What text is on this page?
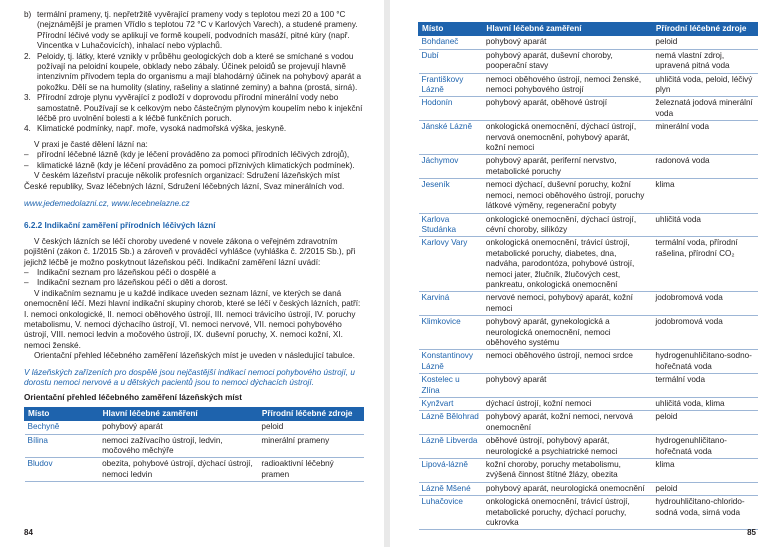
b) termální prameny, tj. nepřetržitě vyvěrající prameny vody s teplotou mezi 20 a 100 °C (nejznámější je pramen Vřídlo s teplotou 72 °C v Karlových Varech), a studené prameny. Přírodní léčivé vody se aplikují ve formě koupelí, podvodních masáží, pitné kúry (např. Vincentka v Luhačovicích), inhalací nebo výplachů.

2. Peloidy, tj. látky, které vznikly v průběhu geologických dob a které se smíchané s vodou požívají na peloidní koupele, obklady nebo zábaly. Účinek peloidů se projevují hlavně intenzivním přívodem tepla do organismu a mají blahodárný účinek na pohybový aparát a pokožku. Dělí se na humolity (slatiny, rašeliny a slatinné zeminy) a bahna (prostá, sirná).

3. Přírodní zdroje plynu vyvěrající z podloží v doprovodu přírodní minerální vody nebo samostatně. Používají se k celkovým nebo částečným plynovým koupelím nebo k injekční léčbě pro uvolnění bolesti a k léčbě funkčních poruch.

4. Klimatické podmínky, např. moře, vysoká nadmořská výška, jeskyně.

V praxi je časté dělení lázní na:

– přírodní léčebné lázně (kdy je léčení prováděno za pomoci přírodních léčivých zdrojů),

– klimatické lázně (kdy je léčení prováděno za pomoci příznivých klimatických podmínek).

V českém lázeňství pracuje několik profesních organizací: Sdružení lázeňských míst České republiky, Svaz léčebných lázní, Sdružení léčebných lázní, Svaz minerálních vod.

www.jedemedolazni.cz, www.lecebnelazne.cz

6.2.2 Indikační zaměření přírodních léčivých lázní

V českých lázních se léčí choroby uvedené v novele zákona o veřejném zdravotním pojištění (zákon č. 1/2015 Sb.) a zároveň v prováděcí vyhlášce (vyhláška č. 2/2015 Sb.), při jejichž léčbě je možno poskytnout lázeňskou péči. Indikační zaměření lázní uvádí:

– Indikační seznam pro lázeňskou péči o dospělé a

– Indikační seznam pro lázeňskou péči o děti a dorost.

V indikačním seznamu je u každé indikace uveden seznam lázní, ve kterých se daná onemocnění léčí. Mezi hlavní indikační skupiny chorob, které se léčí v českých lázních, patří:

I. nemoci onkologické, II. nemoci oběhového ústrojí, III. nemoci trávicího ústrojí, IV. poruchy metabolismu, V. nemoci dýchacího ústrojí, VI. nemoci nervové, VII. nemoci pohybového ústrojí, VIII. nemoci ledvin a močového ústrojí, IX. duševní poruchy, X. nemoci kožní, XI. nemoci ženské.

Orientační přehled léčebného zaměření lázeňských míst je uveden v následující tabulce.

V lázeňských zařízeních pro dospělé jsou nejčastější indikací nemoci pohybového ústrojí, u dorostu nemoci nervové a u dětských pacientů jsou to nemoci dýchacích ústrojí.

Orientační přehled léčebného zaměření lázeňských míst

Místo	Hlavní léčebné zaměření	Přírodní léčebné zdroje
Bechyně	pohybový aparát	peloid
Bílina	nemoci zažívacího ústrojí, ledvin, močového měchýře	minerální prameny
Bludov	obezita, pohybové ústrojí, dýchací ústrojí, nemoci ledvin	radioaktivní léčebný pramen
84
Místo	Hlavní léčebné zaměření	Přírodní léčebné zdroje
Bohdaneč	pohybový aparát	peloid
Dubí	pohybový aparát, duševní choroby, pooperační stavy	nemá vlastní zdroj, upravená pitná voda
Františkovy Lázně	nemoci oběhového ústrojí, nemoci ženské, nemoci pohybového ústrojí	uhličitá voda, peloid, léčivý plyn
Hodonín	pohybový aparát, oběhové ústrojí	železnatá jodová minerální voda
Jánské Lázně	onkologická onemocnění, dýchací ústrojí, nervová onemocnění, pohybový aparát, kožní nemoci	minerální voda
Jáchymov	pohybový aparát, periferní nervstvo, metabolické poruchy	radonová voda
Jeseník	nemoci dýchací, duševní poruchy, kožní nemoci, nemoci oběhového ústrojí, poruchy látkové výměny, regenerační pobyty	klima
Karlova Studánka	onkologické onemocnění, dýchací ústrojí, cévní choroby, silikózy	uhličitá voda
Karlovy Vary	onkologická onemocnění, trávicí ústrojí, metabolické poruchy, diabetes, dna, nadváha, parodontóza, pohybové ústrojí, nemoci jater, žlučník, žlučových cest, pankreatu, onkologická onemocnění	termální voda, přírodní rašelina, přírodní CO₂
Karviná	nervové nemoci, pohybový aparát, kožní nemoci	jodobromová voda
Klimkovice	pohybový aparát, gynekologická a neurologická onemocnění, nemoci oběhového systému	jodobromová voda
Konstantinovy Lázně	nemoci oběhového ústrojí, nemoci srdce	hydrogenuhličitano-sodno-hořečnatá voda
Kostelec u Zlína	pohybový aparát	termální voda
Kynžvart	dýchací ústrojí, kožní nemoci	uhličitá voda, klima
Lázně Bělohrad	pohybový aparát, kožní nemoci, nervová onemocnění	peloid
Lázně Libverda	oběhové ústrojí, pohybový aparát, neurologické a psychiatrické nemoci	hydrogenuhličitano-hořečnatá voda
Lipová-lázně	kožní choroby, poruchy metabolismu, zvýšená činnost štítné žlázy, obezita	klima
Lázně Mšené	pohybový aparát, neurologická onemocnění	peloid
Luhačovice	onkologická onemocnění, trávicí ústrojí, metabolické poruchy, dýchací poruchy, cukrovka	hydrouhličitano-chlorido-sodná voda, sirná voda
85
